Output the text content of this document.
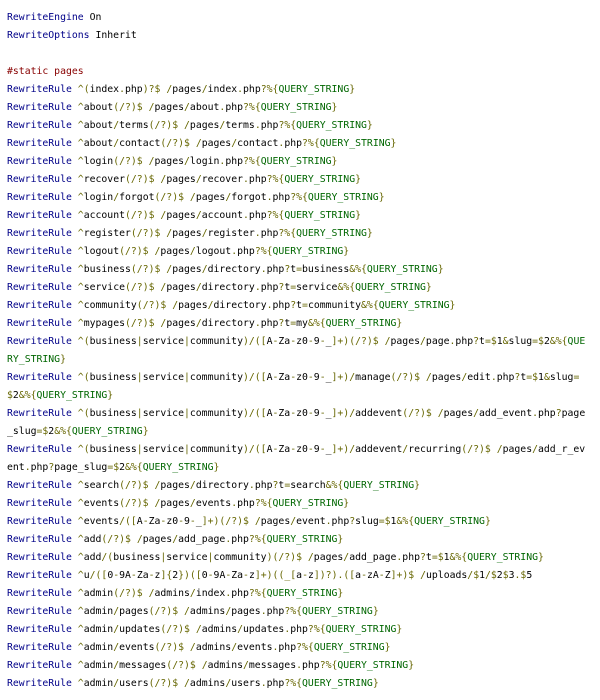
RewriteEngine On
RewriteOptions Inherit
#static pages
RewriteRule ^(index.php)?$ /pages/index.php?%{QUERY_STRING}
RewriteRule ^about(/?)$ /pages/about.php?%{QUERY_STRING}
RewriteRule ^about/terms(/?)$ /pages/terms.php?%{QUERY_STRING}
RewriteRule ^about/contact(/?)$ /pages/contact.php?%{QUERY_STRING}
RewriteRule ^login(/?)$ /pages/login.php?%{QUERY_STRING}
RewriteRule ^recover(/?)$ /pages/recover.php?%{QUERY_STRING}
RewriteRule ^login/forgot(/?)$ /pages/forgot.php?%{QUERY_STRING}
RewriteRule ^account(/?)$ /pages/account.php?%{QUERY_STRING}
RewriteRule ^register(/?)$ /pages/register.php?%{QUERY_STRING}
RewriteRule ^logout(/?)$ /pages/logout.php?%{QUERY_STRING}
RewriteRule ^business(/?)$ /pages/directory.php?t=business&%{QUERY_STRING}
RewriteRule ^service(/?)$ /pages/directory.php?t=service&%{QUERY_STRING}
RewriteRule ^community(/?)$ /pages/directory.php?t=community&%{QUERY_STRING}
RewriteRule ^mypages(/?)$ /pages/directory.php?t=my&%{QUERY_STRING}
RewriteRule ^(business|service|community)/([A-Za-z0-9-_]+)(/?)$ /pages/page.php?t=$1&slug=$2&%{QUERY_STRING}
RewriteRule ^(business|service|community)/([A-Za-z0-9-_]+)/manage(/?)$ /pages/edit.php?t=$1&slug=$2&%{QUERY_STRING}
RewriteRule ^(business|service|community)/([A-Za-z0-9-_]+)/addevent(/?)$ /pages/add_event.php?page_slug=$2&%{QUERY_STRING}
RewriteRule ^(business|service|community)/([A-Za-z0-9-_]+)/addevent/recurring(/?)$ /pages/add_r_event.php?page_slug=$2&%{QUERY_STRING}
RewriteRule ^search(/?)$ /pages/directory.php?t=search&%{QUERY_STRING}
RewriteRule ^events(/?)$ /pages/events.php?%{QUERY_STRING}
RewriteRule ^events/([A-Za-z0-9-_]+)(/?)$ /pages/event.php?slug=$1&%{QUERY_STRING}
RewriteRule ^add(/?)$ /pages/add_page.php?%{QUERY_STRING}
RewriteRule ^add/(business|service|community)(/?)$ /pages/add_page.php?t=$1&%{QUERY_STRING}
RewriteRule ^u/([0-9A-Za-z]{2})([0-9A-Za-z]+)((_[a-z])?).([a-zA-Z]+)$ /uploads/$1/$2$3.$5
RewriteRule ^admin(/?)$ /admins/index.php?%{QUERY_STRING}
RewriteRule ^admin/pages(/?)$ /admins/pages.php?%{QUERY_STRING}
RewriteRule ^admin/updates(/?)$ /admins/updates.php?%{QUERY_STRING}
RewriteRule ^admin/events(/?)$ /admins/events.php?%{QUERY_STRING}
RewriteRule ^admin/messages(/?)$ /admins/messages.php?%{QUERY_STRING}
RewriteRule ^admin/users(/?)$ /admins/users.php?%{QUERY_STRING}
